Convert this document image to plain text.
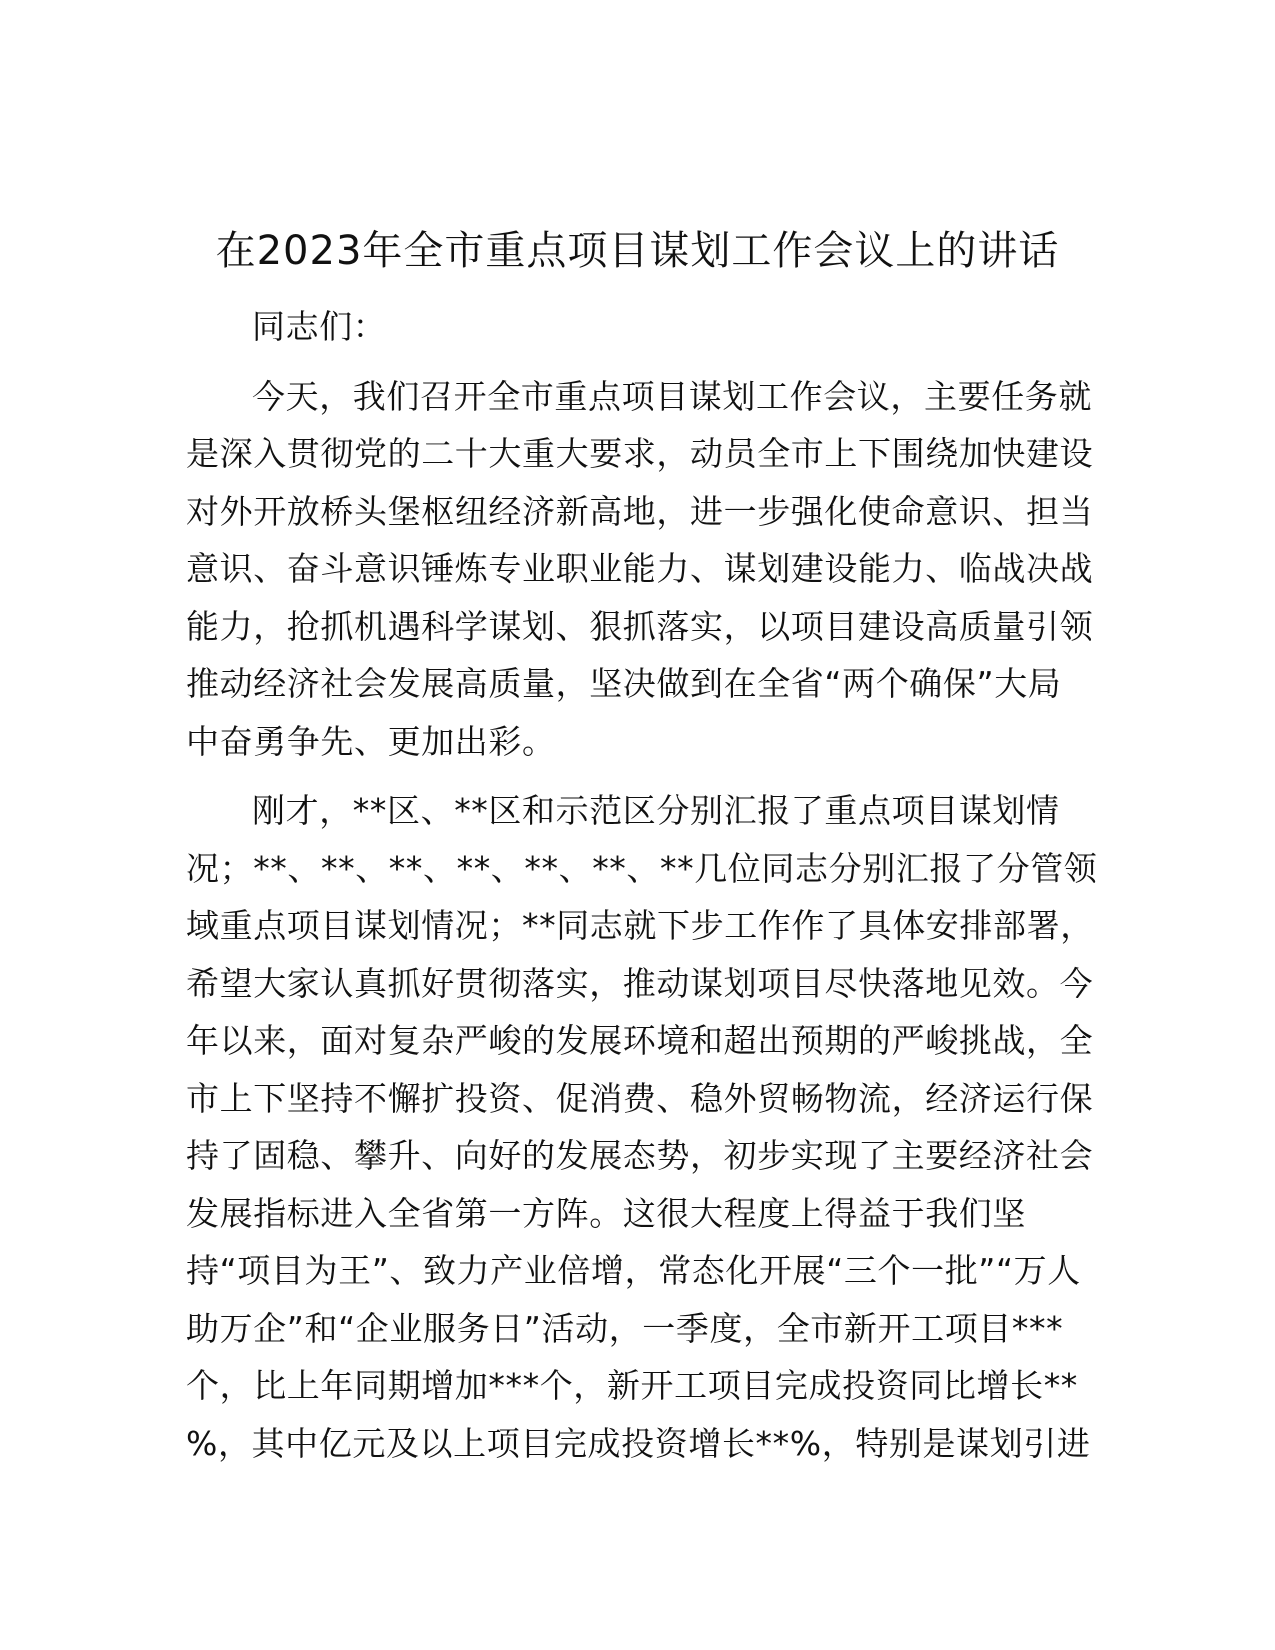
在2023年全市重点项目谋划工作会议上的讲话
同志们：
今天，我们召开全市重点项目谋划工作会议，主要任务就
是深入贯彻党的二十大重大要求，动员全市上下围绕加快建设
对外开放桥头堡枢纽经济新高地，进一步强化使命意识、担当
意识、奋斗意识锤炼专业职业能力、谋划建设能力、临战决战
能力，抢抓机遇科学谋划、狠抓落实，以项目建设高质量引领
推动经济社会发展高质量，坚决做到在全省“两个确保”大局
中奋勇争先、更加出彩。
刚才，**区、**区和示范区分别汇报了重点项目谋划情
况；**、**、**、**、**、**、**几位同志分别汇报了分管领
域重点项目谋划情况；**同志就下步工作作了具体安排部署，
希望大家认真抓好贯彻落实，推动谋划项目尽快落地见效。今
年以来，面对复杂严峻的发展环境和超出预期的严峻挑战，全
市上下坚持不懈扩投资、促消费、稳外贸畅物流，经济运行保
持了固稳、攀升、向好的发展态势，初步实现了主要经济社会
发展指标进入全省第一方阵。这很大程度上得益于我们坚
持“项目为王”、致力产业倍增，常态化开展“三个一批”“万人
助万企”和“企业服务日”活动，一季度，全市新开工项目***
个，比上年同期增加***个，新开工项目完成投资同比增长**
%，其中亿元及以上项目完成投资增长**%，特别是谋划引进
